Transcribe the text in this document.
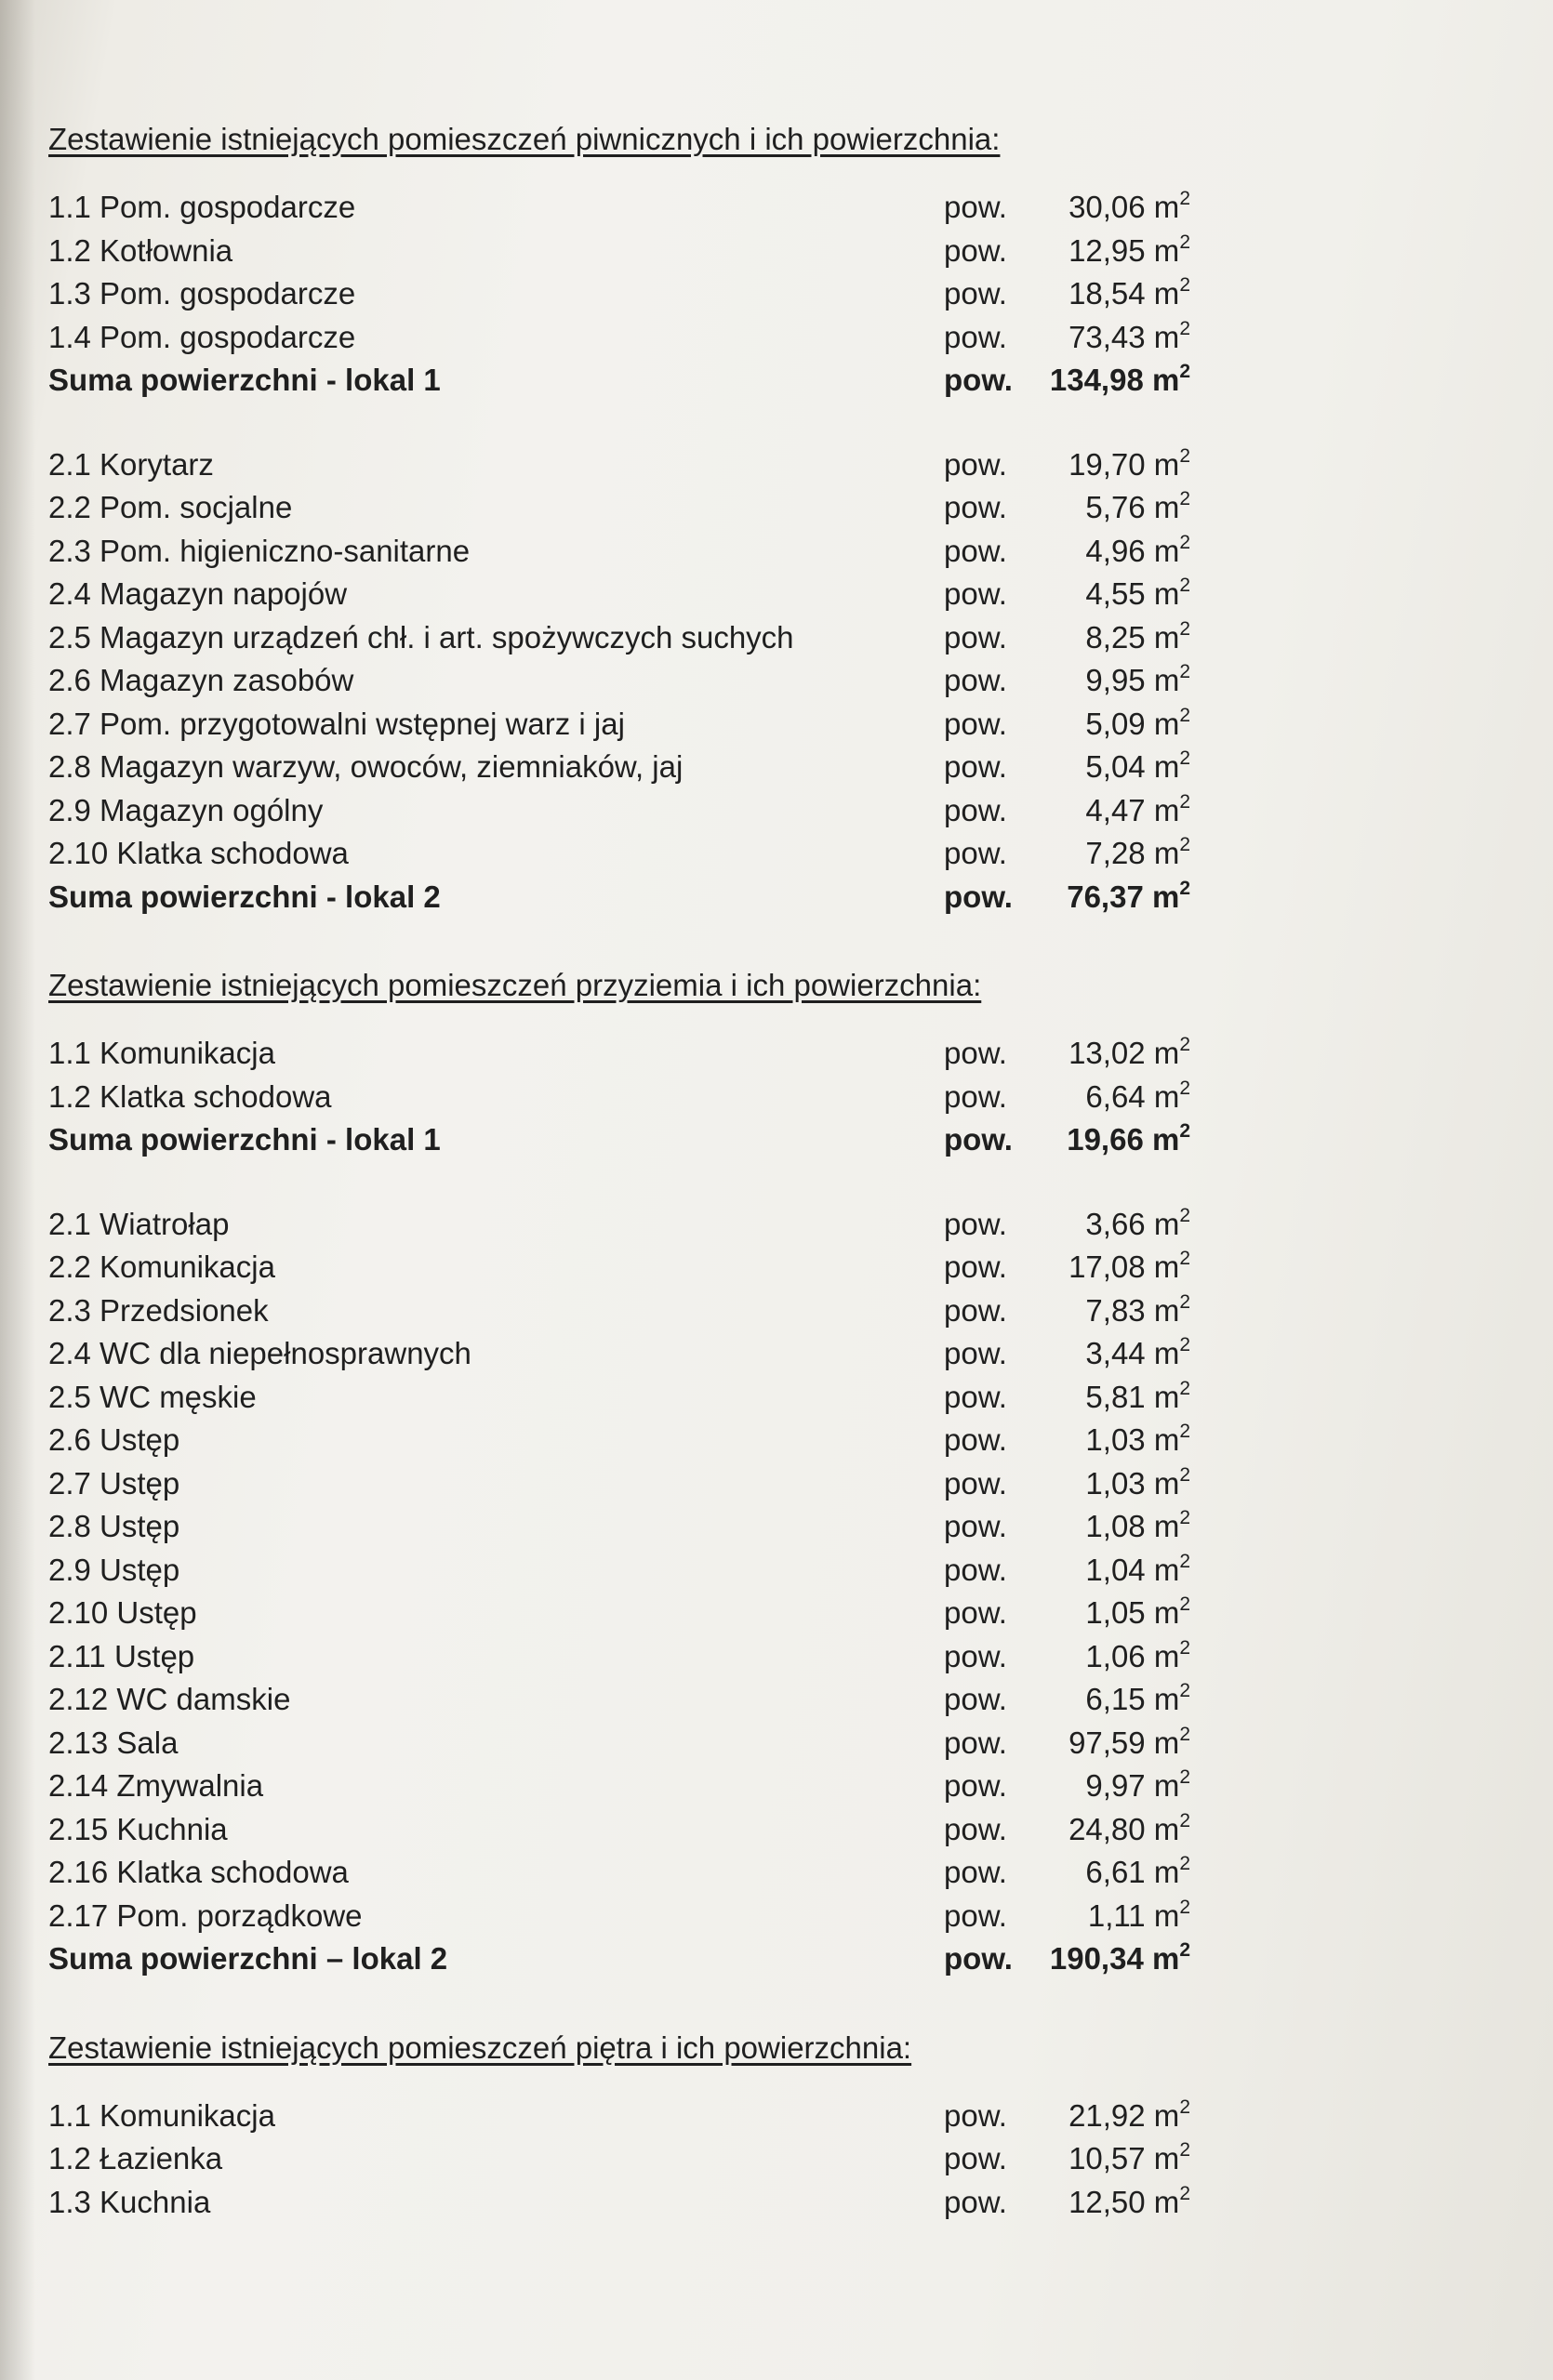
Zestawienie istniejących pomieszczeń piwnicznych i ich powierzchnia:
1.1 Pom. gospodarcze	pow.	30,06 $m^2$
1.2 Kotłownia	pow.	12,95 $m^2$
1.3 Pom. gospodarcze	pow.	18,54 $m^2$
1.4 Pom. gospodarcze	pow.	73,43 $m^2$
Suma powierzchni - lokal 1	pow.	134,98 $m^2$
2.1 Korytarz	pow.	19,70 $m^2$
2.2 Pom. socjalne	pow.	5,76 $m^2$
2.3 Pom. higieniczno-sanitarne	pow.	4,96 $m^2$
2.4 Magazyn napojów	pow.	4,55 $m^2$
2.5 Magazyn urządzeń chł. i art. spożywczych suchych	pow.	8,25 $m^2$
2.6 Magazyn zasobów	pow.	9,95 $m^2$
2.7 Pom. przygotowalni wstępnej warz i jaj	pow.	5,09 $m^2$
2.8 Magazyn warzyw, owoców, ziemniaków, jaj	pow.	5,04 $m^2$
2.9 Magazyn ogólny	pow.	4,47 $m^2$
2.10 Klatka schodowa	pow.	7,28 $m^2$
Suma powierzchni - lokal 2	pow.	76,37 $m^2$
Zestawienie istniejących pomieszczeń przyziemia i ich powierzchnia:
1.1 Komunikacja	pow.	13,02 $m^2$
1.2 Klatka schodowa	pow.	6,64 $m^2$
Suma powierzchni - lokal 1	pow.	19,66 $m^2$
2.1 Wiatrołap	pow.	3,66 $m^2$
2.2 Komunikacja	pow.	17,08 $m^2$
2.3 Przedsionek	pow.	7,83 $m^2$
2.4 WC dla niepełnosprawnych	pow.	3,44 $m^2$
2.5 WC męskie	pow.	5,81 $m^2$
2.6 Ustęp	pow.	1,03 $m^2$
2.7 Ustęp	pow.	1,03 $m^2$
2.8 Ustęp	pow.	1,08 $m^2$
2.9 Ustęp	pow.	1,04 $m^2$
2.10 Ustęp	pow.	1,05 $m^2$
2.11 Ustęp	pow.	1,06 $m^2$
2.12 WC damskie	pow.	6,15 $m^2$
2.13 Sala	pow.	97,59 $m^2$
2.14 Zmywalnia	pow.	9,97 $m^2$
2.15 Kuchnia	pow.	24,80 $m^2$
2.16 Klatka schodowa	pow.	6,61 $m^2$
2.17 Pom. porządkowe	pow.	1,11 $m^2$
Suma powierzchni – lokal 2	pow.	190,34 $m^2$
Zestawienie istniejących pomieszczeń piętra i ich powierzchnia:
1.1 Komunikacja	pow.	21,92 $m^2$
1.2 Łazienka	pow.	10,57 $m^2$
1.3 Kuchnia	pow.	12,50 $m^2$
